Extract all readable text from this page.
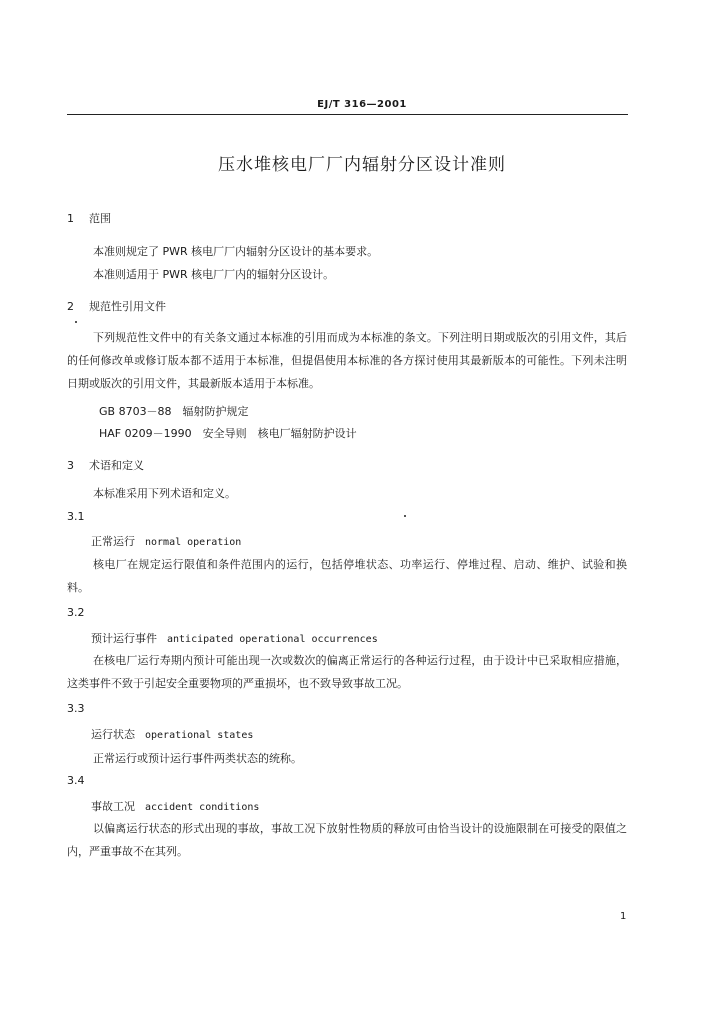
EJ/T 316—2001
压水堆核电厂厂内辐射分区设计准则
1 范围
本准则规定了 PWR 核电厂厂内辐射分区设计的基本要求。
本准则适用于 PWR 核电厂厂内的辐射分区设计。
2 规范性引用文件
下列规范性文件中的有关条文通过本标准的引用而成为本标准的条文。下列注明日期或版次的引用文件，其后的任何修改单或修订版本都不适用于本标准，但提倡使用本标准的各方探讨使用其最新版本的可能性。下列未注明日期或版次的引用文件，其最新版本适用于本标准。
GB 8703－88　辐射防护规定
HAF 0209－1990　安全导则　核电厂辐射防护设计
3 术语和定义
本标准采用下列术语和定义。
3.1
正常运行 normal operation
核电厂在规定运行限值和条件范围内的运行，包括停堆状态、功率运行、停堆过程、启动、维护、试验和换料。
3.2
预计运行事件 anticipated operational occurrences
在核电厂运行寿期内预计可能出现一次或数次的偏离正常运行的各种运行过程，由于设计中已采取相应措施，这类事件不致于引起安全重要物项的严重损坏，也不致导致事故工况。
3.3
运行状态 operational states
正常运行或预计运行事件两类状态的统称。
3.4
事故工况 accident conditions
以偏离运行状态的形式出现的事故，事故工况下放射性物质的释放可由恰当设计的设施限制在可接受的限值之内，严重事故不在其列。
1
